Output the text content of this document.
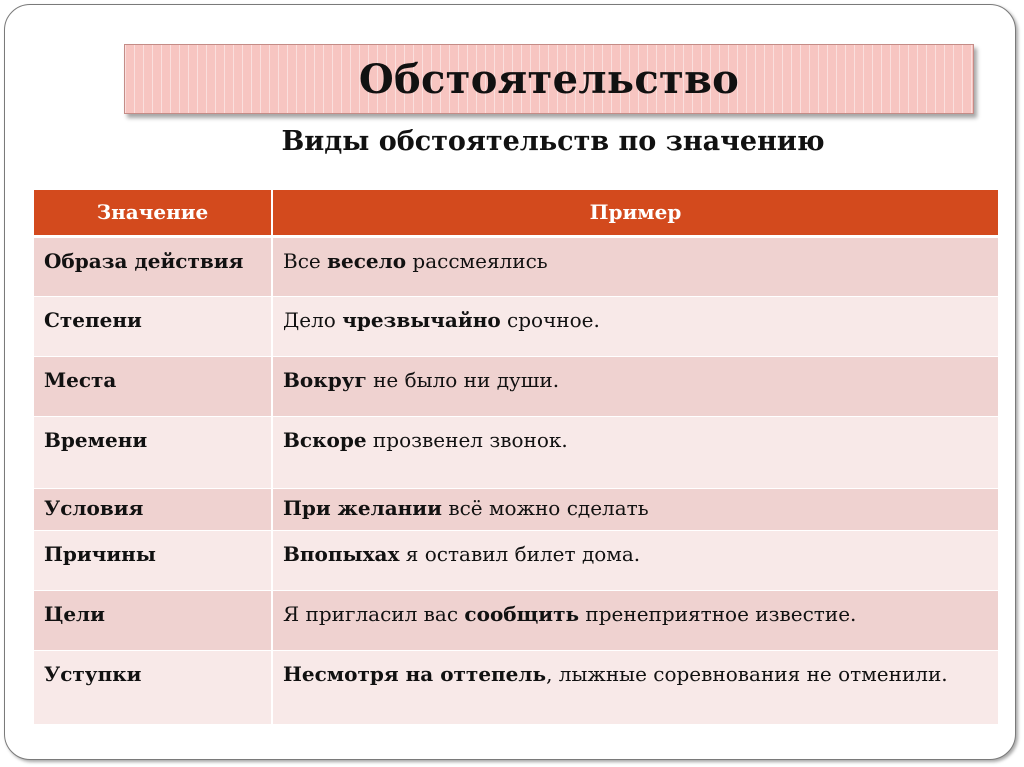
Обстоятельство
Виды обстоятельств по значению
Значение	Пример
Образа действия	Все весело рассмеялись
Степени	Дело чрезвычайно срочное.
Места	Вокруг не было ни души.
Времени	Вскоре прозвенел звонок.
Условия	При желании всё можно сделать
Причины	Впопыхах я оставил билет дома.
Цели	Я пригласил вас сообщить пренеприятное известие.
Уступки	Несмотря на оттепель, лыжные соревнования не отменили.
